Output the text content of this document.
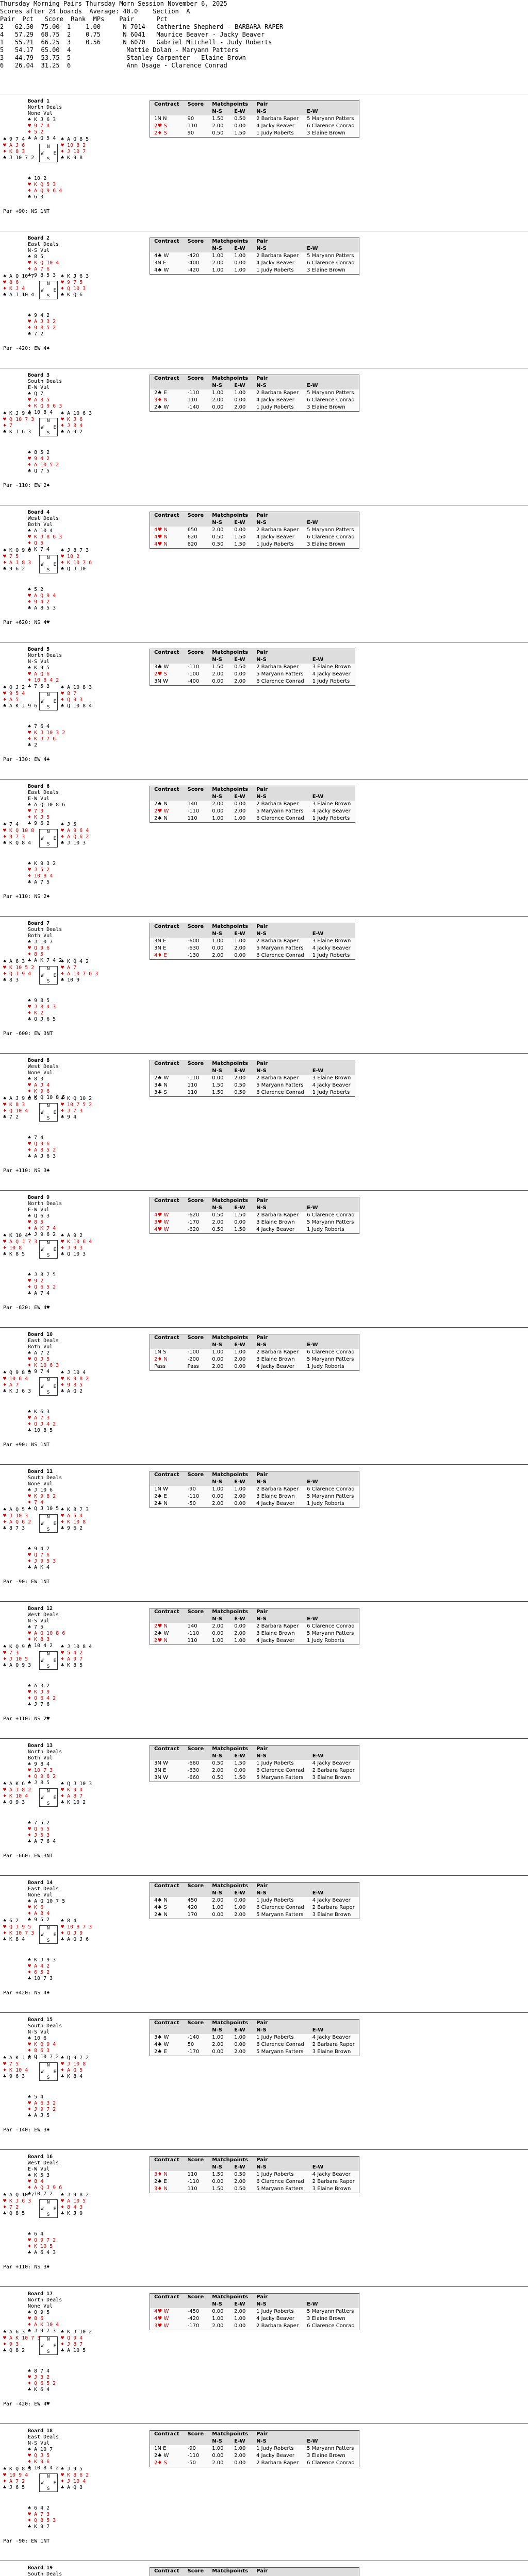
Thursday Morning Pairs Thursday Morn Session November 6, 2025

Scores after 24 boards  Average: 40.0    Section  A

Pair  Pct   Score  Rank  MPs    Pair      Pct

2   62.50  75.00  1    1.00      N 7014   Catherine Shepherd - BARBARA RAPER

4   57.29  68.75  2    0.75      N 6041   Maurice Beaver - Jacky Beaver

1   55.21  66.25  3    0.56      N 6070   Gabriel Mitchell - Judy Roberts

5   54.17  65.00  4               Mattie Dolan - Maryann Patters

3   44.79  53.75  5               Stanley Carpenter - Elaine Brown

6   26.04  31.25  6               Ann Osage - Clarence Conrad

Board 1
North Deals
None Vul
♠ K J 6 3
♥ 9 7 4
♦ 5 2
♣ A Q 5 4
♠ 9 7 4
♥ A J 6
♦ K 8 3
♣ J 10 7 2
♠ A Q 8 5
♥ 10 8 2
♦ J 10 7
♣ K 9 8
♠ 10 2
♥ K Q 5 3
♦ A Q 9 6 4
♣ 6 3
N
S
W E
Par +90: NS 1NT
Contract	Score	Matchpoints		Pair	
		N-S	E-W	N-S	E-W
1N N	90	1.50	0.50	2 Barbara Raper	5 Maryann Patters
2♥ S	110	2.00	0.00	4 Jacky Beaver	6 Clarence Conrad
2♦ S	90	0.50	1.50	1 Judy Roberts	3 Elaine Brown
Board 2
East Deals
N-S Vul
♠ 8 5
♥ K Q 10 4
♦ A 7 6
♣ 9 8 5 3
♠ A Q 10 7
♥ 8 6
♦ K J 4
♣ A J 10 4
♠ K J 6 3
♥ 9 7 5
♦ Q 10 3
♣ K Q 6
♠ 9 4 2
♥ A J 3 2
♦ 9 8 5 2
♣ 7 2
N
S
W E
Par -420: EW 4♠
Contract	Score	Matchpoints		Pair	
		N-S	E-W	N-S	E-W
4♠ W	-420	1.00	1.00	2 Barbara Raper	5 Maryann Patters
3N E	-400	2.00	0.00	4 Jacky Beaver	6 Clarence Conrad
4♠ W	-420	1.00	1.00	1 Judy Roberts	3 Elaine Brown
Board 3
South Deals
E-W Vul
♠ Q 7
♥ A 8 5
♦ K Q 9 6 3
♣ 10 8 4
♠ K J 9 4
♥ Q 10 7 3
♦ 7
♣ K J 6 3
♠ A 10 6 3
♥ K J 6
♦ J 8 4
♣ A 9 2
♠ 8 5 2
♥ 9 4 2
♦ A 10 5 2
♣ Q 7 5
N
S
W E
Par -110: EW 2♠
Contract	Score	Matchpoints		Pair	
		N-S	E-W	N-S	E-W
2♠ E	-110	1.00	1.00	2 Barbara Raper	5 Maryann Patters
3♦ N	110	2.00	0.00	4 Jacky Beaver	6 Clarence Conrad
2♠ W	-140	0.00	2.00	1 Judy Roberts	3 Elaine Brown
Board 4
West Deals
Both Vul
♠ A 10 4
♥ K J 8 6 3
♦ Q 5
♣ K 7 4
♠ K Q 9 6
♥ 7 5
♦ A J 8 3
♣ 9 6 2
♠ J 8 7 3
♥ 10 2
♦ K 10 7 6
♣ Q J 10
♠ 5 2
♥ A Q 9 4
♦ 9 4 2
♣ A 8 5 3
N
S
W E
Par +620: NS 4♥
Contract	Score	Matchpoints		Pair	
		N-S	E-W	N-S	E-W
4♥ N	650	2.00	0.00	2 Barbara Raper	5 Maryann Patters
4♥ N	620	0.50	1.50	4 Jacky Beaver	6 Clarence Conrad
4♥ N	620	0.50	1.50	1 Judy Roberts	3 Elaine Brown
Board 5
North Deals
N-S Vul
♠ K 9 5
♥ A Q 6
♦ 10 8 4 2
♣ 7 5 3
♠ Q J 2
♥ 9 5 4
♦ A 5
♣ A K J 9 6
♠ A 10 8 3
♥ 8 7
♦ Q 9 3
♣ Q 10 8 4
♠ 7 6 4
♥ K J 10 3 2
♦ K J 7 6
♣ 2
N
S
W E
Par -130: EW 4♣
Contract	Score	Matchpoints		Pair	
		N-S	E-W	N-S	E-W
3♣ W	-110	1.50	0.50	2 Barbara Raper	3 Elaine Brown
2♥ S	-100	2.00	0.00	5 Maryann Patters	4 Jacky Beaver
3N W	-400	0.00	2.00	6 Clarence Conrad	1 Judy Roberts
Board 6
East Deals
E-W Vul
♠ A Q 10 8 6
♥ 7 3
♦ K J 5
♣ 9 6 2
♠ 7 4
♥ K Q 10 8
♦ 9 7 3
♣ K Q 8 4
♠ J 5
♥ A 9 6 4
♦ A Q 6 2
♣ J 10 3
♠ K 9 3 2
♥ J 5 2
♦ 10 8 4
♣ A 7 5
N
S
W E
Par +110: NS 2♠
Contract	Score	Matchpoints		Pair	
		N-S	E-W	N-S	E-W
2♠ N	140	2.00	0.00	2 Barbara Raper	3 Elaine Brown
2♥ W	-110	0.00	2.00	5 Maryann Patters	4 Jacky Beaver
2♠ N	110	1.00	1.00	6 Clarence Conrad	1 Judy Roberts
Board 7
South Deals
Both Vul
♠ J 10 7
♥ Q 9 6
♦ 8 5
♣ A K 7 4 2
♠ A 6 3
♥ K 10 5 2
♦ Q J 9 4
♣ 8 3
♠ K Q 4 2
♥ A 7
♦ A 10 7 6 3
♣ 10 9
♠ 9 8 5
♥ J 8 4 3
♦ K 2
♣ Q J 6 5
N
S
W E
Par -600: EW 3NT
Contract	Score	Matchpoints		Pair	
		N-S	E-W	N-S	E-W
3N E	-600	1.00	1.00	2 Barbara Raper	3 Elaine Brown
3N E	-630	0.00	2.00	5 Maryann Patters	4 Jacky Beaver
4♦ E	-130	2.00	0.00	6 Clarence Conrad	1 Judy Roberts
Board 8
West Deals
None Vul
♠ 8 3
♥ A J 4
♦ K 9 6
♣ K Q 10 8 5
♠ A J 9 6 5
♥ K 8 3
♦ Q 10 4
♣ 7 2
♠ K Q 10 2
♥ 10 7 5 2
♦ J 7 3
♣ 9 4
♠ 7 4
♥ Q 9 6
♦ A 8 5 2
♣ A J 6 3
N
S
W E
Par +110: NS 3♣
Contract	Score	Matchpoints		Pair	
		N-S	E-W	N-S	E-W
2♠ W	-110	0.00	2.00	2 Barbara Raper	3 Elaine Brown
3♣ N	110	1.50	0.50	5 Maryann Patters	4 Jacky Beaver
3♣ S	110	1.50	0.50	6 Clarence Conrad	1 Judy Roberts
Board 9
North Deals
E-W Vul
♠ Q 6 3
♥ 8 5
♦ A K 7 4
♣ J 9 6 2
♠ K 10 4
♥ A Q J 7 3
♦ 10 8
♣ K 8 5
♠ A 9 2
♥ K 10 6 4
♦ J 9 3
♣ Q 10 3
♠ J 8 7 5
♥ 9 2
♦ Q 6 5 2
♣ A 7 4
N
S
W E
Par -620: EW 4♥
Contract	Score	Matchpoints		Pair	
		N-S	E-W	N-S	E-W
4♥ W	-620	0.50	1.50	2 Barbara Raper	6 Clarence Conrad
3♥ W	-170	2.00	0.00	3 Elaine Brown	5 Maryann Patters
4♥ W	-620	0.50	1.50	4 Jacky Beaver	1 Judy Roberts
Board 10
East Deals
Both Vul
♠ A 7 2
♥ Q J 5
♦ K 10 6 3
♣ 9 7 4
♠ Q 9 8 5
♥ 10 6 4
♦ A 7
♣ K J 6 3
♠ J 10 4
♥ K 9 8 2
♦ 9 8 5
♣ A Q 2
♠ K 6 3
♥ A 7 3
♦ Q J 4 2
♣ 10 8 5
N
S
W E
Par +90: NS 1NT
Contract	Score	Matchpoints		Pair	
		N-S	E-W	N-S	E-W
1N S	-100	1.00	1.00	2 Barbara Raper	6 Clarence Conrad
2♦ N	-200	0.00	2.00	3 Elaine Brown	5 Maryann Patters
Pass	Pass	2.00	0.00	4 Jacky Beaver	1 Judy Roberts
Board 11
South Deals
None Vul
♠ J 10 6
♥ K 9 8 2
♦ 7 4
♣ Q J 10 5
♠ A Q 5
♥ J 10 3
♦ A Q 6 2
♣ 8 7 3
♠ K 8 7 3
♥ A 5 4
♦ K 10 8
♣ 9 6 2
♠ 9 4 2
♥ Q 7 6
♦ J 9 5 3
♣ A K 4
N
S
W E
Par -90: EW 1NT
Contract	Score	Matchpoints		Pair	
		N-S	E-W	N-S	E-W
1N W	-90	1.00	1.00	2 Barbara Raper	6 Clarence Conrad
2♠ E	-110	0.00	2.00	3 Elaine Brown	5 Maryann Patters
2♣ N	-50	2.00	0.00	4 Jacky Beaver	1 Judy Roberts
Board 12
West Deals
N-S Vul
♠ 7 5
♥ A Q 10 8 6
♦ K 8 3
♣ 10 4 2
♠ K Q 9 6
♥ 7 3
♦ J 10 5
♣ A Q 9 3
♠ J 10 8 4
♥ 5 4 2
♦ A 9 7
♣ K 8 5
♠ A 3 2
♥ K J 9
♦ Q 6 4 2
♣ J 7 6
N
S
W E
Par +110: NS 2♥
Contract	Score	Matchpoints		Pair	
		N-S	E-W	N-S	E-W
2♥ N	140	2.00	0.00	2 Barbara Raper	6 Clarence Conrad
2♠ W	-110	0.00	2.00	3 Elaine Brown	5 Maryann Patters
2♥ N	110	1.00	1.00	4 Jacky Beaver	1 Judy Roberts
Board 13
North Deals
Both Vul
♠ 9 8 4
♥ 10 7 3
♦ Q 9 6 2
♣ J 8 5
♠ A K 6
♥ A J 8 2
♦ K 10 4
♣ Q 9 3
♠ Q J 10 3
♥ K 9 4
♦ A 8 7
♣ K 10 2
♠ 7 5 2
♥ Q 6 5
♦ J 5 3
♣ A 7 6 4
N
S
W E
Par -660: EW 3NT
Contract	Score	Matchpoints		Pair	
		N-S	E-W	N-S	E-W
3N W	-660	0.50	1.50	1 Judy Roberts	4 Jacky Beaver
3N E	-630	2.00	0.00	6 Clarence Conrad	2 Barbara Raper
3N W	-660	0.50	1.50	5 Maryann Patters	3 Elaine Brown
Board 14
East Deals
None Vul
♠ A Q 10 7 5
♥ K 6
♦ A 8 4
♣ 9 5 2
♠ 6 2
♥ Q J 9 5
♦ K 10 7 3
♣ K 8 4
♠ 8 4
♥ 10 8 7 3
♦ Q J 9
♣ A Q J 6
♠ K J 9 3
♥ A 4 2
♦ 6 5 2
♣ 10 7 3
N
S
W E
Par +420: NS 4♠
Contract	Score	Matchpoints		Pair	
		N-S	E-W	N-S	E-W
4♠ N	450	2.00	0.00	1 Judy Roberts	4 Jacky Beaver
4♠ S	420	1.00	1.00	6 Clarence Conrad	2 Barbara Raper
2♠ N	170	0.00	2.00	5 Maryann Patters	3 Elaine Brown
Board 15
South Deals
N-S Vul
♠ 10 6
♥ K Q 9 4
♦ 8 6 3
♣ Q 10 7 2
♠ A K J 8 3
♥ 7 5
♦ K 10 4
♣ 9 6 3
♠ Q 9 7 2
♥ J 10 8
♦ A Q 5
♣ K 8 4
♠ 5 4
♥ A 6 3 2
♦ J 9 7 2
♣ A J 5
N
S
W E
Par -140: EW 3♠
Contract	Score	Matchpoints		Pair	
		N-S	E-W	N-S	E-W
3♠ W	-140	1.00	1.00	1 Judy Roberts	4 Jacky Beaver
4♠ W	50	2.00	0.00	6 Clarence Conrad	2 Barbara Raper
2♠ E	-170	0.00	2.00	5 Maryann Patters	3 Elaine Brown
Board 16
West Deals
E-W Vul
♠ K 5 3
♥ 8 4
♦ A Q J 9 6
♣ 10 7 2
♠ A Q 10 7
♥ K J 6 3
♦ 7 2
♣ Q 8 5
♠ J 9 8 2
♥ A 10 5
♦ 8 4 3
♣ K J 9
♠ 6 4
♥ Q 9 7 2
♦ K 10 5
♣ A 6 4 3
N
S
W E
Par +110: NS 3♦
Contract	Score	Matchpoints		Pair	
		N-S	E-W	N-S	E-W
3♦ N	110	1.50	0.50	1 Judy Roberts	4 Jacky Beaver
2♠ E	-110	0.00	2.00	6 Clarence Conrad	2 Barbara Raper
3♦ N	110	1.50	0.50	5 Maryann Patters	3 Elaine Brown
Board 17
North Deals
None Vul
♠ Q 9 5
♥ 8 6
♦ A K 10 4
♣ J 9 7 3
♠ A 6 3
♥ A K 10 7 5
♦ 9 3
♣ Q 8 2
♠ K J 10 2
♥ Q 9 4
♦ J 8 7
♣ A 10 5
♠ 8 7 4
♥ J 3 2
♦ Q 6 5 2
♣ K 6 4
N
S
W E
Par -420: EW 4♥
Contract	Score	Matchpoints		Pair	
		N-S	E-W	N-S	E-W
4♥ W	-450	0.00	2.00	1 Judy Roberts	5 Maryann Patters
4♥ W	-420	1.00	1.00	4 Jacky Beaver	3 Elaine Brown
3♥ W	-170	2.00	0.00	2 Barbara Raper	6 Clarence Conrad
Board 18
East Deals
N-S Vul
♠ A 10 7
♥ Q J 5
♦ K 9 6
♣ 10 8 4 2
♠ K Q 8 3
♥ 10 9 4
♦ A 7 2
♣ J 6 5
♠ J 9 5
♥ K 8 6 2
♦ J 10 4
♣ A Q 3
♠ 6 4 2
♥ A 7 3
♦ Q 8 5 3
♣ K 9 7
N
S
W E
Par -90: EW 1NT
Contract	Score	Matchpoints		Pair	
		N-S	E-W	N-S	E-W
1N E	-90	1.00	1.00	1 Judy Roberts	5 Maryann Patters
2♠ W	-110	0.00	2.00	4 Jacky Beaver	3 Elaine Brown
2♦ S	-50	2.00	0.00	2 Barbara Raper	6 Clarence Conrad
Board 19
South Deals
Contract	Score	Matchpoints		Pair	
